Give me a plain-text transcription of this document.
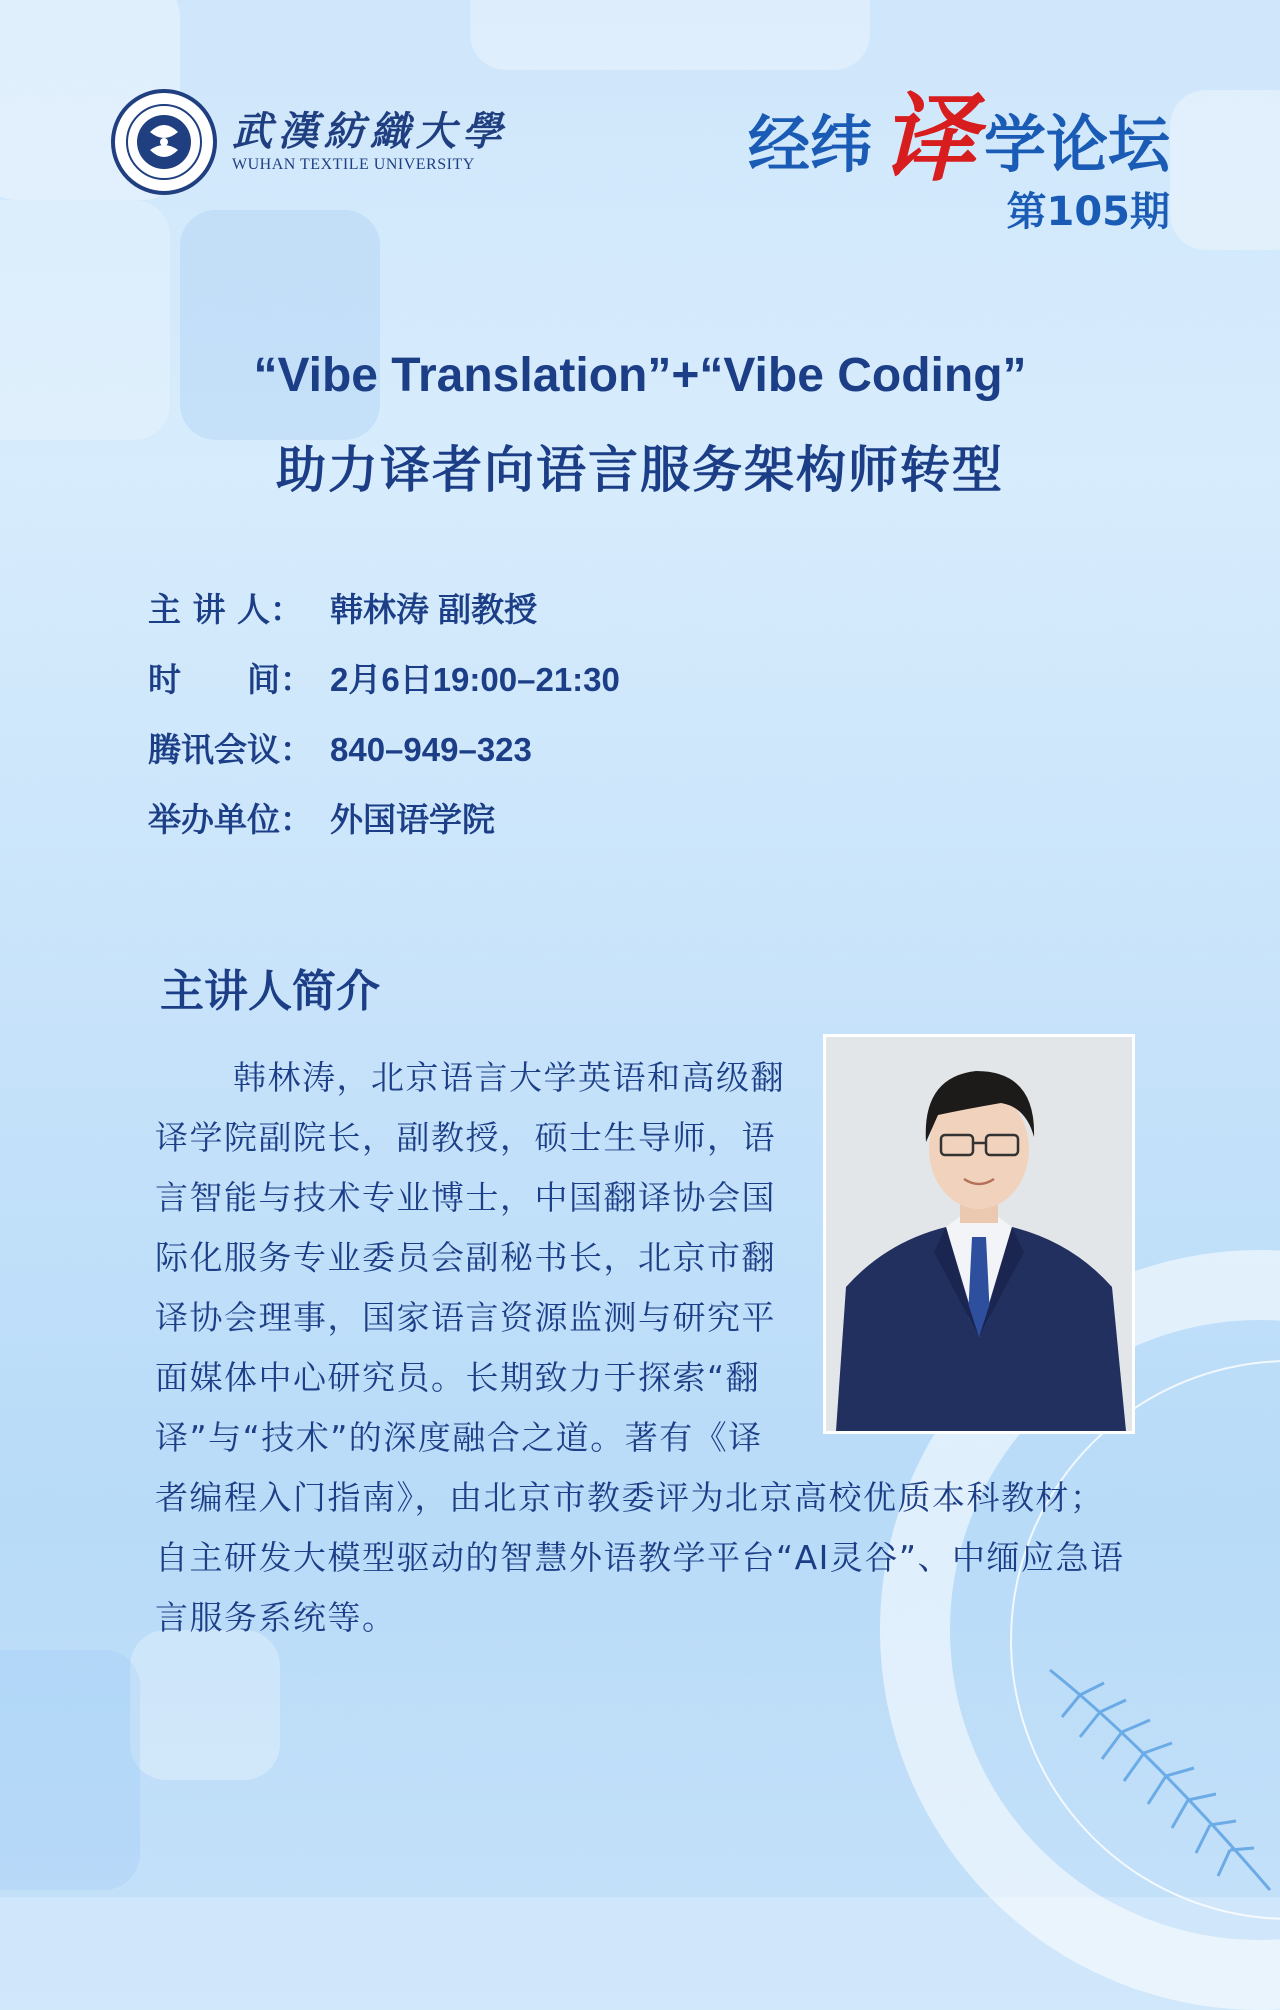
武漢紡織大學
WUHAN TEXTILE UNIVERSITY	经纬译 学论坛
第105期
“Vibe Translation”+“Vibe Coding”
助力译者向语言服务架构师转型
主 讲 人： 韩林涛 副教授
时　　间： 2月6日19:00–21:30
腾讯会议： 840–949–323
举办单位： 外国语学院
主讲人简介
韩林涛，北京语言大学英语和高级翻译学院副院长，副教授，硕士生导师，语言智能与技术专业博士，中国翻译协会国际化服务专业委员会副秘书长，北京市翻译协会理事，国家语言资源监测与研究平面媒体中心研究员。长期致力于探索“翻译”与“技术”的深度融合之道。著有《译者编程入门指南》，由北京市教委评为北京高校优质本科教材；自主研发大模型驱动的智慧外语教学平台“AI灵谷”、中缅应急语言服务系统等。
